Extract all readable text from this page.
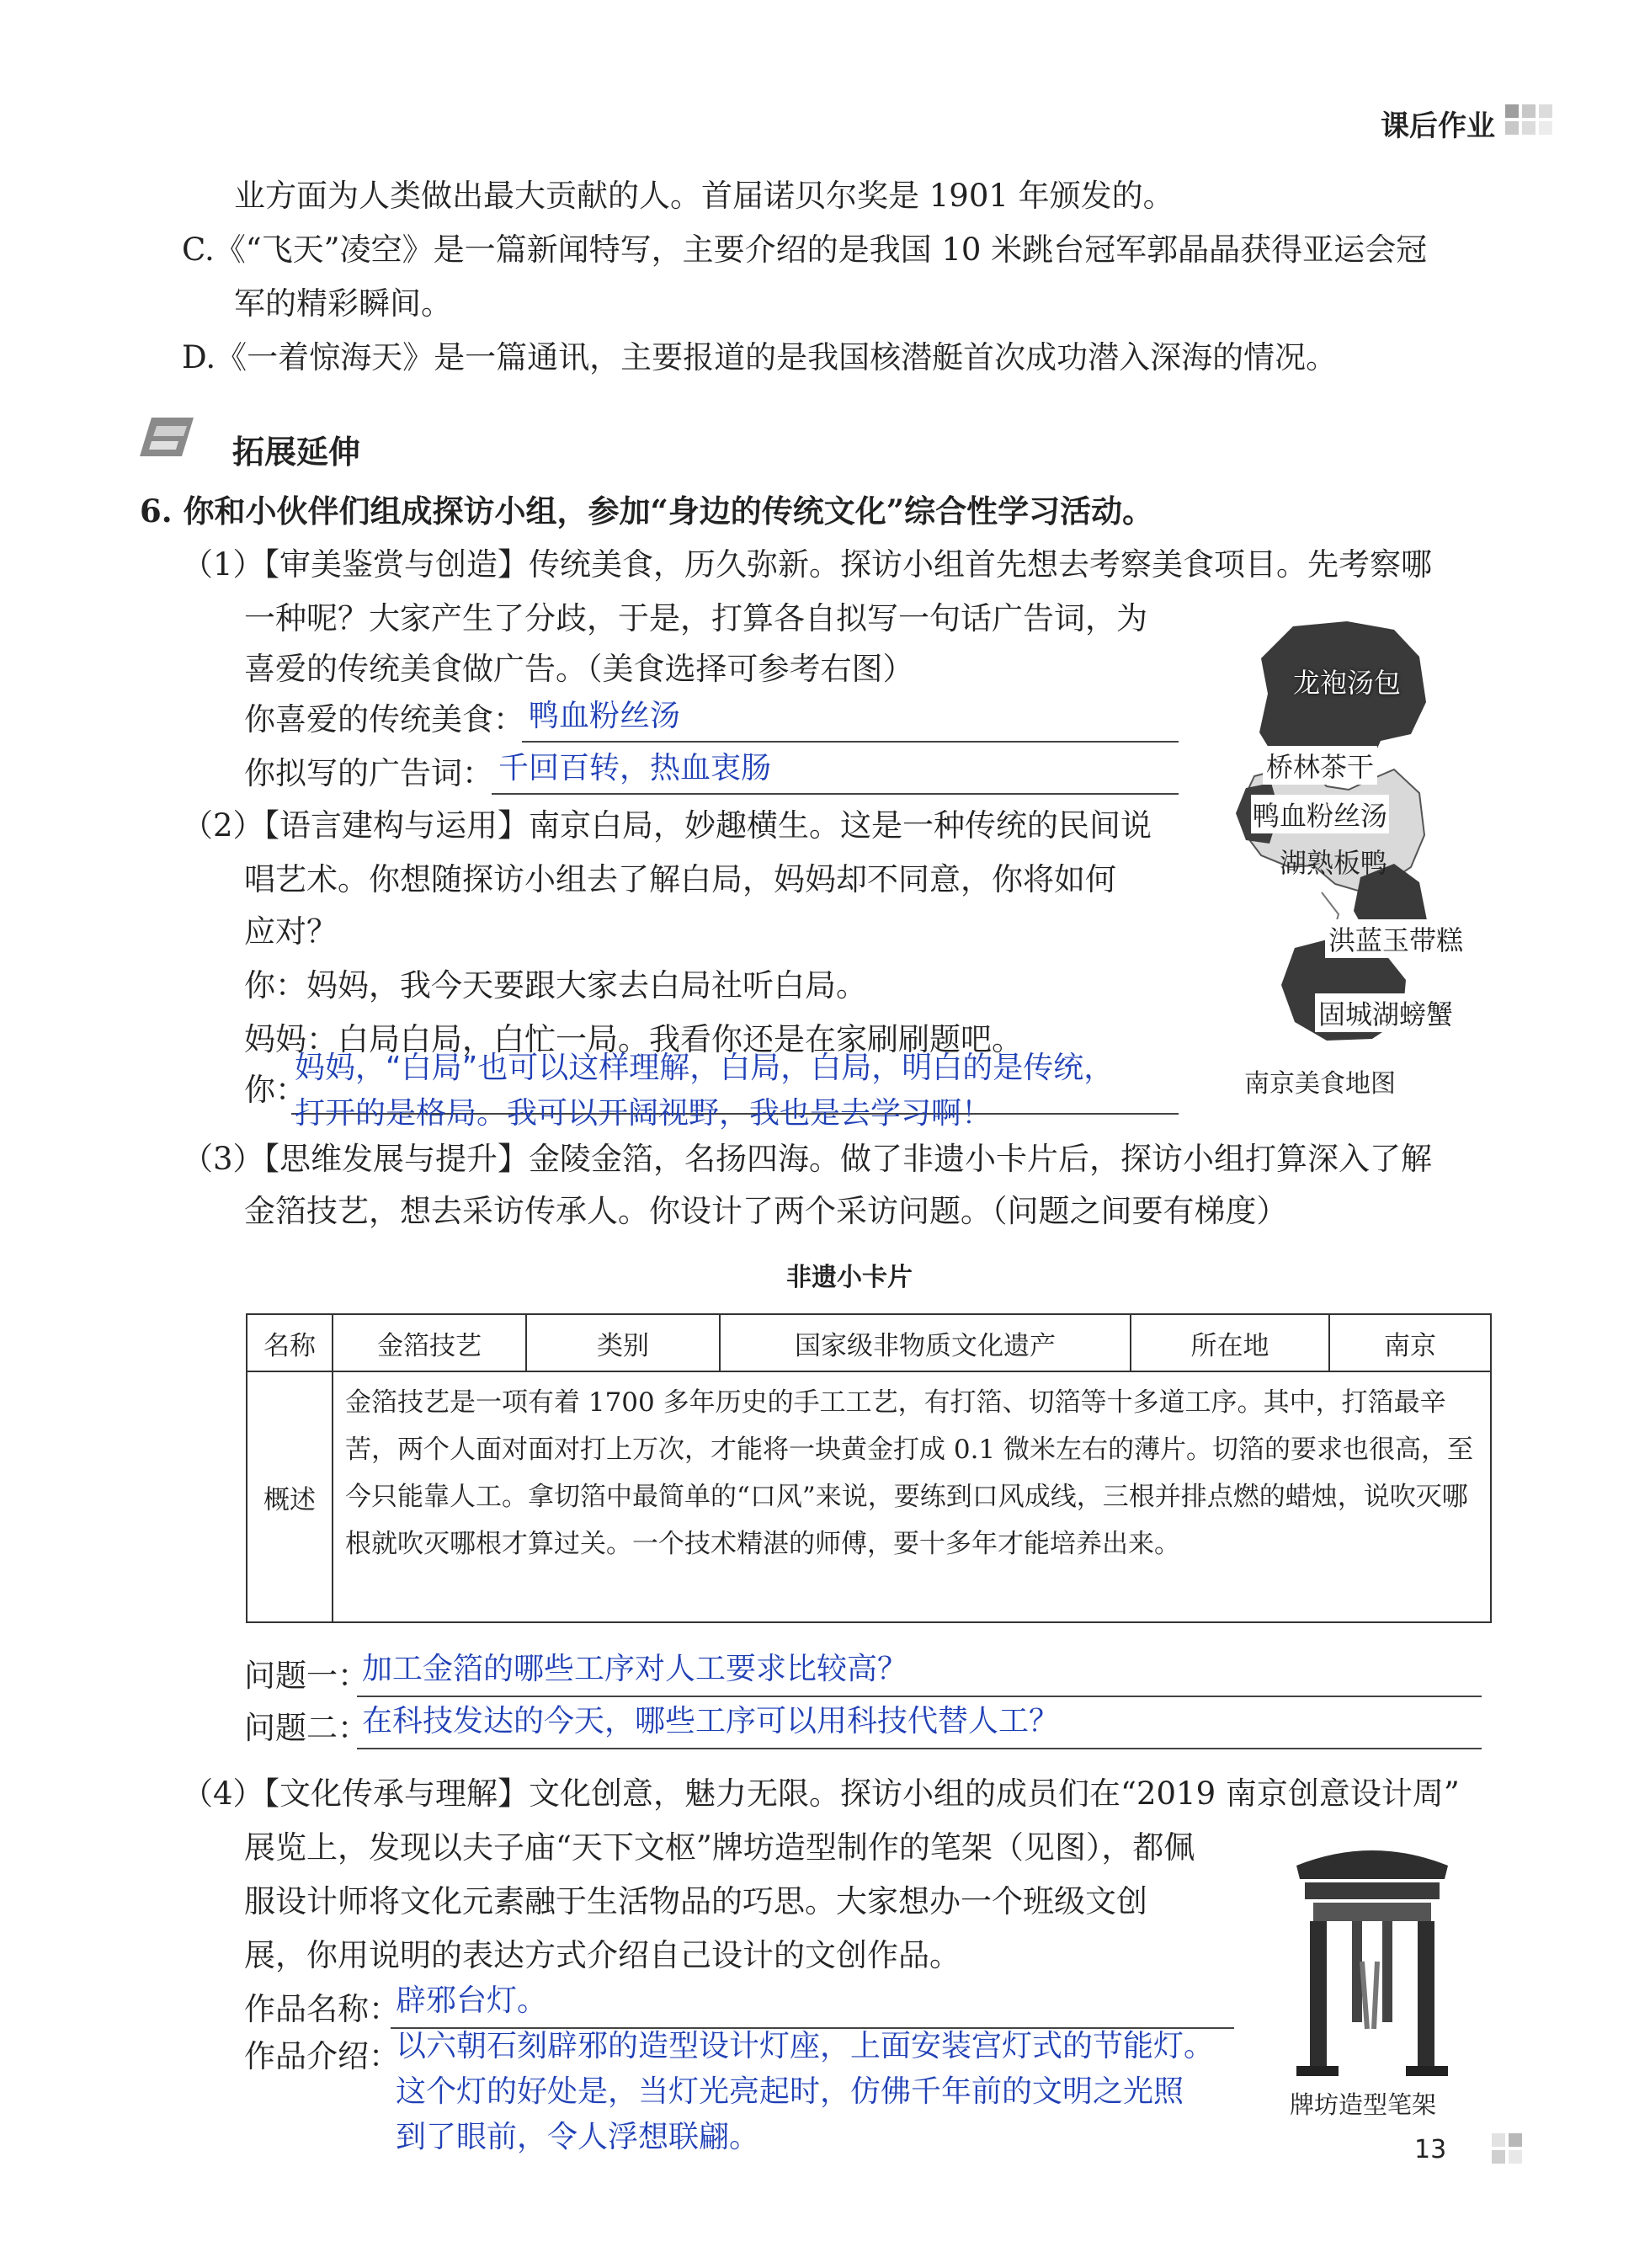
课后作业
业方面为人类做出最大贡献的人。首届诺贝尔奖是 1901 年颁发的。
C.《“飞天”凌空》是一篇新闻特写，主要介绍的是我国 10 米跳台冠军郭晶晶获得亚运会冠
军的精彩瞬间。
D.《一着惊海天》是一篇通讯，主要报道的是我国核潜艇首次成功潜入深海的情况。
拓展延伸
6. 你和小伙伴们组成探访小组，参加“身边的传统文化”综合性学习活动。
（1）【审美鉴赏与创造】传统美食，历久弥新。探访小组首先想去考察美食项目。先考察哪
一种呢？大家产生了分歧，于是，打算各自拟写一句话广告词，为
喜爱的传统美食做广告。（美食选择可参考右图）
你喜爱的传统美食： 鸭血粉丝汤
你拟写的广告词： 千回百转，热血衷肠
龙袍汤包
桥林茶干
鸭血粉丝汤
湖熟板鸭
洪蓝玉带糕
固城湖螃蟹
南京美食地图
（2）【语言建构与运用】南京白局，妙趣横生。这是一种传统的民间说
唱艺术。你想随探访小组去了解白局，妈妈却不同意，你将如何
应对？
你：妈妈，我今天要跟大家去白局社听白局。
妈妈：白局白局，白忙一局。我看你还是在家刷刷题吧。
你：
妈妈，“白局”也可以这样理解，白局，白局，明白的是传统，
打开的是格局。我可以开阔视野，我也是去学习啊！
（3）【思维发展与提升】金陵金箔，名扬四海。做了非遗小卡片后，探访小组打算深入了解
金箔技艺，想去采访传承人。你设计了两个采访问题。（问题之间要有梯度）
非遗小卡片
名称	金箔技艺	类别	国家级非物质文化遗产	所在地	南京
概述	金箔技艺是一项有着 1700 多年历史的手工工艺，有打箔、切箔等十多道工序。其中，打箔最辛苦，两个人面对面对打上万次，才能将一块黄金打成 0.1 微米左右的薄片。切箔的要求也很高，至今只能靠人工。拿切箔中最简单的“口风”来说，要练到口风成线，三根并排点燃的蜡烛，说吹灭哪根就吹灭哪根才算过关。一个技术精湛的师傅，要十多年才能培养出来。				
问题一：
加工金箔的哪些工序对人工要求比较高？
问题二：
在科技发达的今天，哪些工序可以用科技代替人工？
（4）【文化传承与理解】文化创意，魅力无限。探访小组的成员们在“2019 南京创意设计周”
展览上，发现以夫子庙“天下文枢”牌坊造型制作的笔架（见图），都佩
服设计师将文化元素融于生活物品的巧思。大家想办一个班级文创
展，你用说明的表达方式介绍自己设计的文创作品。
作品名称：
辟邪台灯。
作品介绍：
以六朝石刻辟邪的造型设计灯座，上面安装宫灯式的节能灯。
这个灯的好处是，当灯光亮起时，仿佛千年前的文明之光照
到了眼前，令人浮想联翩。
牌坊造型笔架
13
